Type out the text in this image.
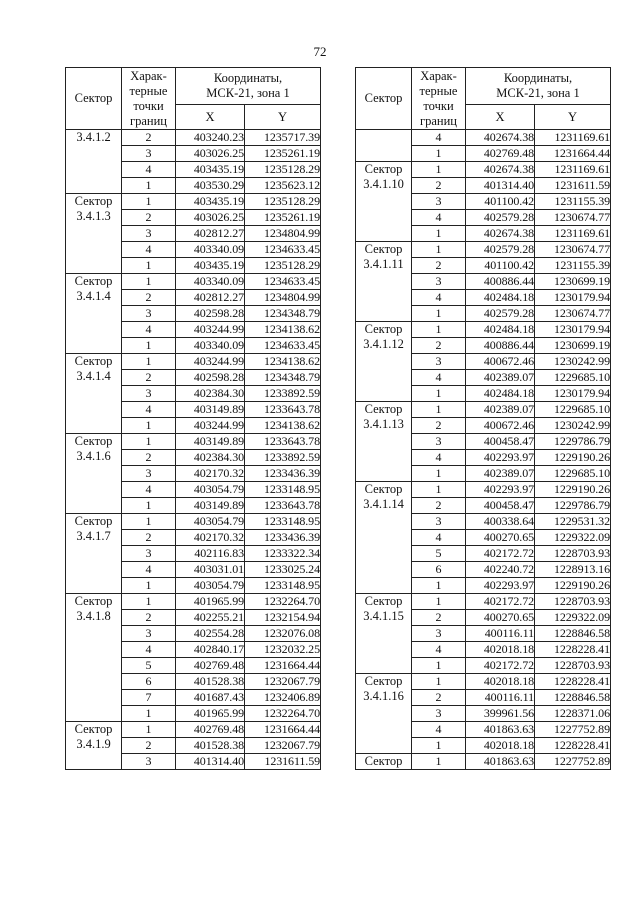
72
Сектор	Харак-
терные
точки
границ	Координаты,
МСК-21, зона 1	

		X	Y

3.4.1.2	2	403240.23	1235717.39
	3	403026.25	1235261.19
	4	403435.19	1235128.29
	1	403530.29	1235623.12

Сектор
3.4.1.3	1	403435.19	1235128.29
	2	403026.25	1235261.19
	3	402812.27	1234804.99
	4	403340.09	1234633.45
	1	403435.19	1235128.29

Сектор
3.4.1.4	1	403340.09	1234633.45
	2	402812.27	1234804.99
	3	402598.28	1234348.79
	4	403244.99	1234138.62
	1	403340.09	1234633.45

Сектор
3.4.1.4	1	403244.99	1234138.62
	2	402598.28	1234348.79
	3	402384.30	1233892.59
	4	403149.89	1233643.78
	1	403244.99	1234138.62

Сектор
3.4.1.6	1	403149.89	1233643.78
	2	402384.30	1233892.59
	3	402170.32	1233436.39
	4	403054.79	1233148.95
	1	403149.89	1233643.78

Сектор
3.4.1.7	1	403054.79	1233148.95
	2	402170.32	1233436.39
	3	402116.83	1233322.34
	4	403031.01	1233025.24
	1	403054.79	1233148.95

Сектор
3.4.1.8	1	401965.99	1232264.70
	2	402255.21	1232154.94
	3	402554.28	1232076.08
	4	402840.17	1232032.25
	5	402769.48	1231664.44
	6	401528.38	1232067.79
	7	401687.43	1232406.89
	1	401965.99	1232264.70

Сектор
3.4.1.9	1	402769.48	1231664.44
	2	401528.38	1232067.79
	3	401314.40	1231611.59
Сектор	Харак-
терные
точки
границ	Координаты,
МСК-21, зона 1	

		X	Y
	4	402674.38	1231169.61
	1	402769.48	1231664.44

Сектор
3.4.1.10	1	402674.38	1231169.61
	2	401314.40	1231611.59
	3	401100.42	1231155.39
	4	402579.28	1230674.77
	1	402674.38	1231169.61

Сектор
3.4.1.11	1	402579.28	1230674.77
	2	401100.42	1231155.39
	3	400886.44	1230699.19
	4	402484.18	1230179.94
	1	402579.28	1230674.77

Сектор
3.4.1.12	1	402484.18	1230179.94
	2	400886.44	1230699.19
	3	400672.46	1230242.99
	4	402389.07	1229685.10
	1	402484.18	1230179.94

Сектор
3.4.1.13	1	402389.07	1229685.10
	2	400672.46	1230242.99
	3	400458.47	1229786.79
	4	402293.97	1229190.26
	1	402389.07	1229685.10

Сектор
3.4.1.14	1	402293.97	1229190.26
	2	400458.47	1229786.79
	3	400338.64	1229531.32
	4	400270.65	1229322.09
	5	402172.72	1228703.93
	6	402240.72	1228913.16
	1	402293.97	1229190.26

Сектор
3.4.1.15	1	402172.72	1228703.93
	2	400270.65	1229322.09
	3	400116.11	1228846.58
	4	402018.18	1228228.41
	1	402172.72	1228703.93

Сектор
3.4.1.16	1	402018.18	1228228.41
	2	400116.11	1228846.58
	3	399961.56	1228371.06
	4	401863.63	1227752.89
	1	402018.18	1228228.41

Сектор	1	401863.63	1227752.89
